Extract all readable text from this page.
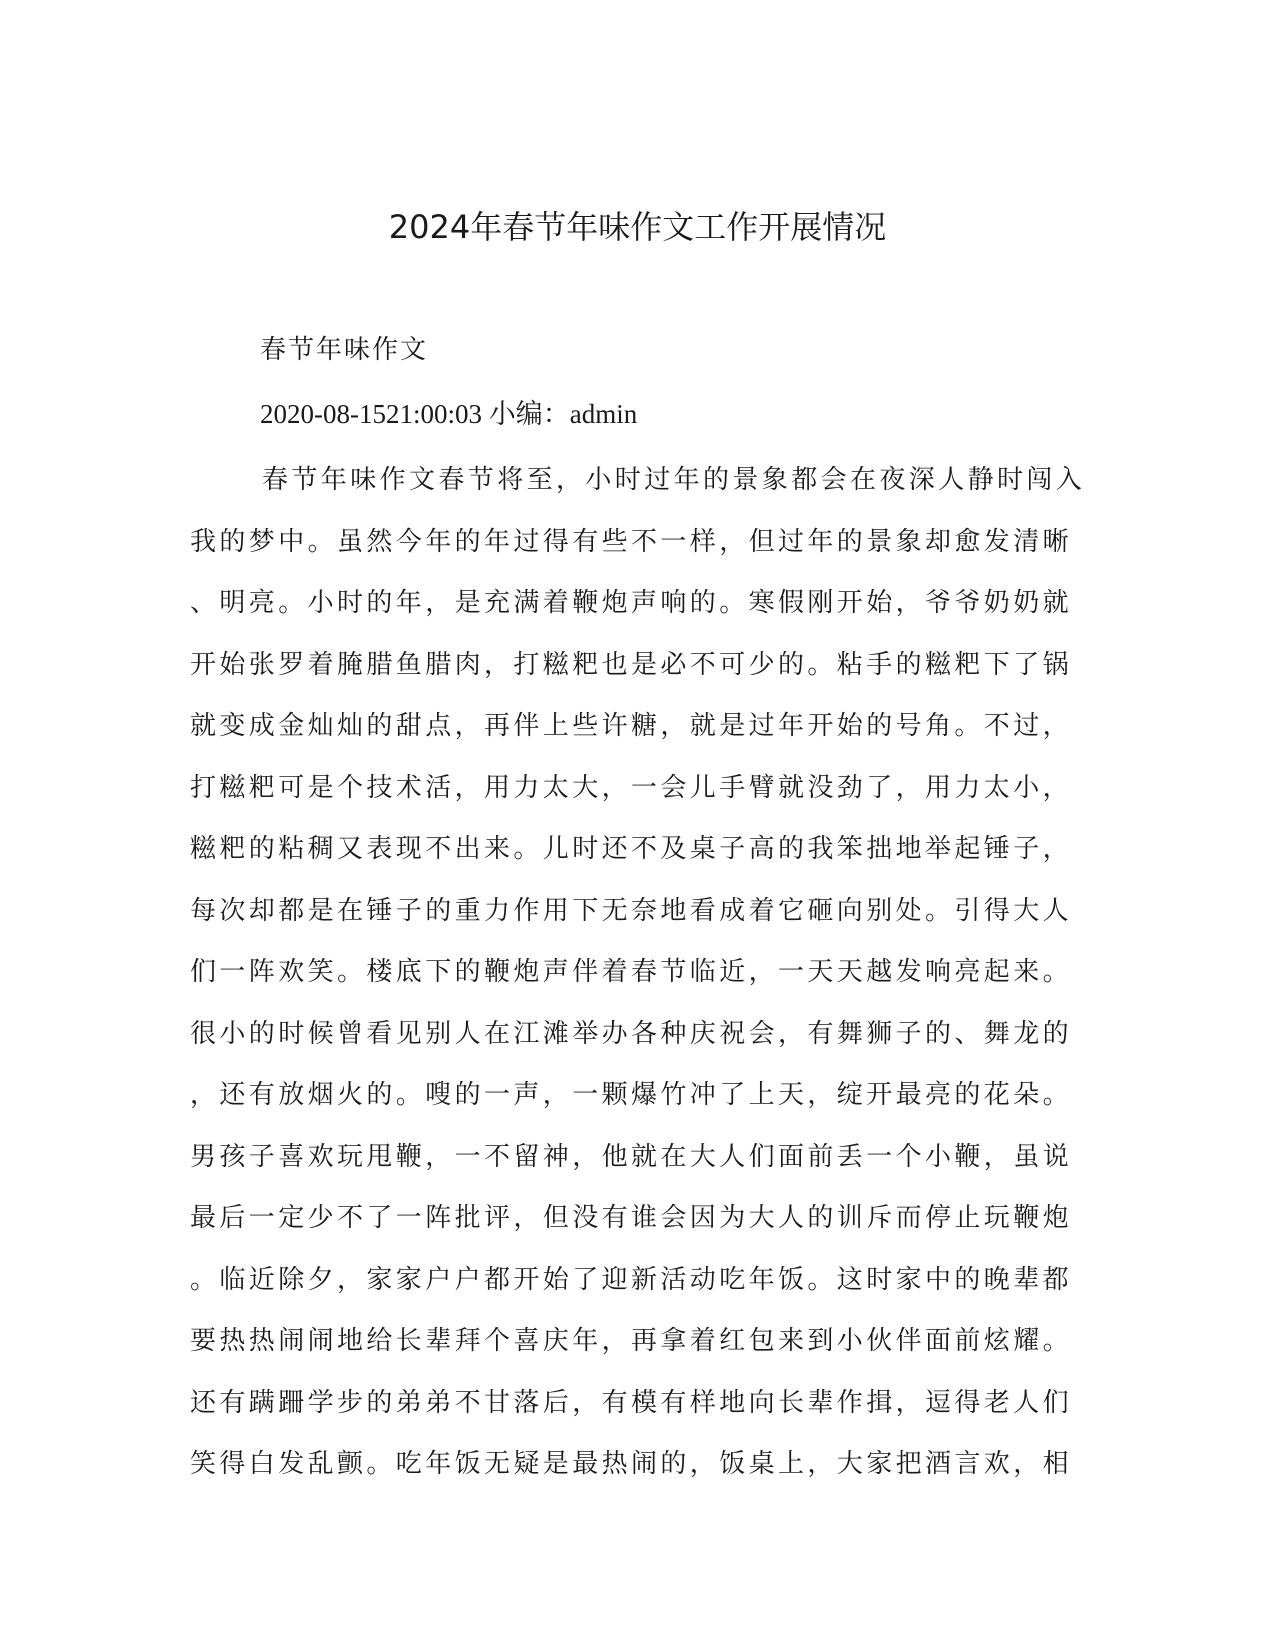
2024年春节年味作文工作开展情况
春节年味作文
2020-08-1521:00:03 小编：admin
春节年味作文春节将至，小时过年的景象都会在夜深人静时闯入
我的梦中。虽然今年的年过得有些不一样，但过年的景象却愈发清晰
、明亮。小时的年，是充满着鞭炮声响的。寒假刚开始，爷爷奶奶就
开始张罗着腌腊鱼腊肉，打糍粑也是必不可少的。粘手的糍粑下了锅
就变成金灿灿的甜点，再伴上些许糖，就是过年开始的号角。不过，
打糍粑可是个技术活，用力太大，一会儿手臂就没劲了，用力太小，
糍粑的粘稠又表现不出来。儿时还不及桌子高的我笨拙地举起锤子，
每次却都是在锤子的重力作用下无奈地看成着它砸向别处。引得大人
们一阵欢笑。楼底下的鞭炮声伴着春节临近，一天天越发响亮起来。
很小的时候曾看见别人在江滩举办各种庆祝会，有舞狮子的、舞龙的
，还有放烟火的。嗖的一声，一颗爆竹冲了上天，绽开最亮的花朵。
男孩子喜欢玩甩鞭，一不留神，他就在大人们面前丢一个小鞭，虽说
最后一定少不了一阵批评，但没有谁会因为大人的训斥而停止玩鞭炮
。临近除夕，家家户户都开始了迎新活动吃年饭。这时家中的晚辈都
要热热闹闹地给长辈拜个喜庆年，再拿着红包来到小伙伴面前炫耀。
还有蹒跚学步的弟弟不甘落后，有模有样地向长辈作揖，逗得老人们
笑得白发乱颤。吃年饭无疑是最热闹的，饭桌上，大家把酒言欢，相
